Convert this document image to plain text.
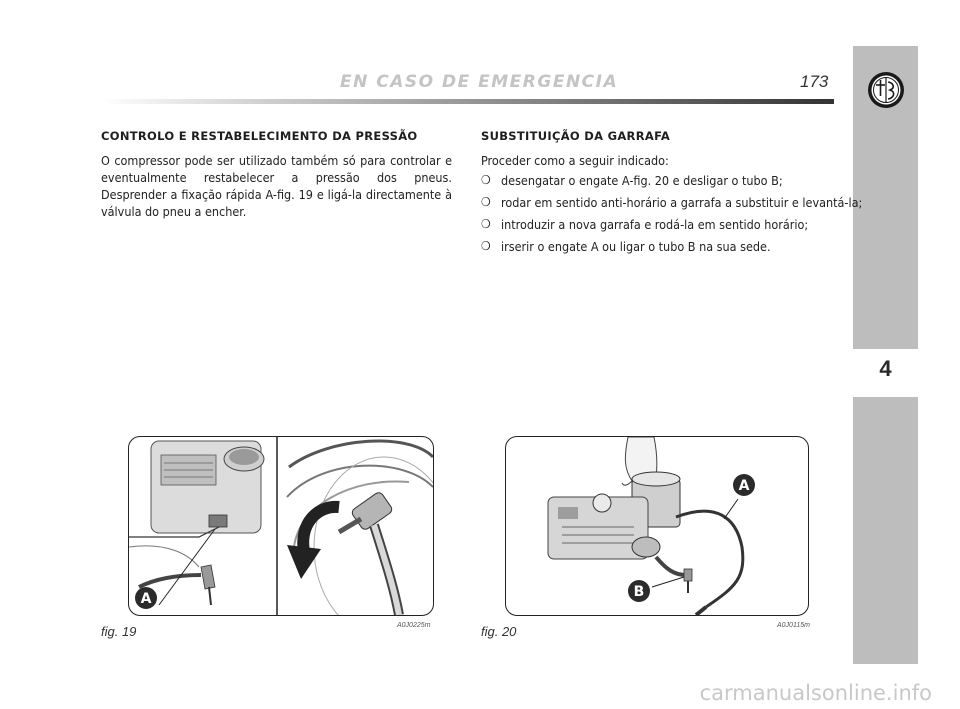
EN CASO DE EMERGENCIA	173
4
CONTROLO E RESTABELECIMENTO DA PRESSÃO
O compressor pode ser utilizado também só para controlar e eventualmente restabelecer a pressão dos pneus. Desprender a fixação rápida A-fig. 19 e ligá-la directamente à válvula do pneu a encher.
SUBSTITUIÇÃO DA GARRAFA
Proceder como a seguir indicado:
❍ desengatar o engate A-fig. 20 e desligar o tubo B;
❍ rodar em sentido anti-horário a garrafa a substituir e levantá-la;
❍ introduzir a nova garrafa e rodá-la em sentido horário;
❍ irserir o engate A ou ligar o tubo B na sua sede.
A
fig. 19	A0J0225m
A
B
fig. 20	A0J0115m
carmanualsonline.info
